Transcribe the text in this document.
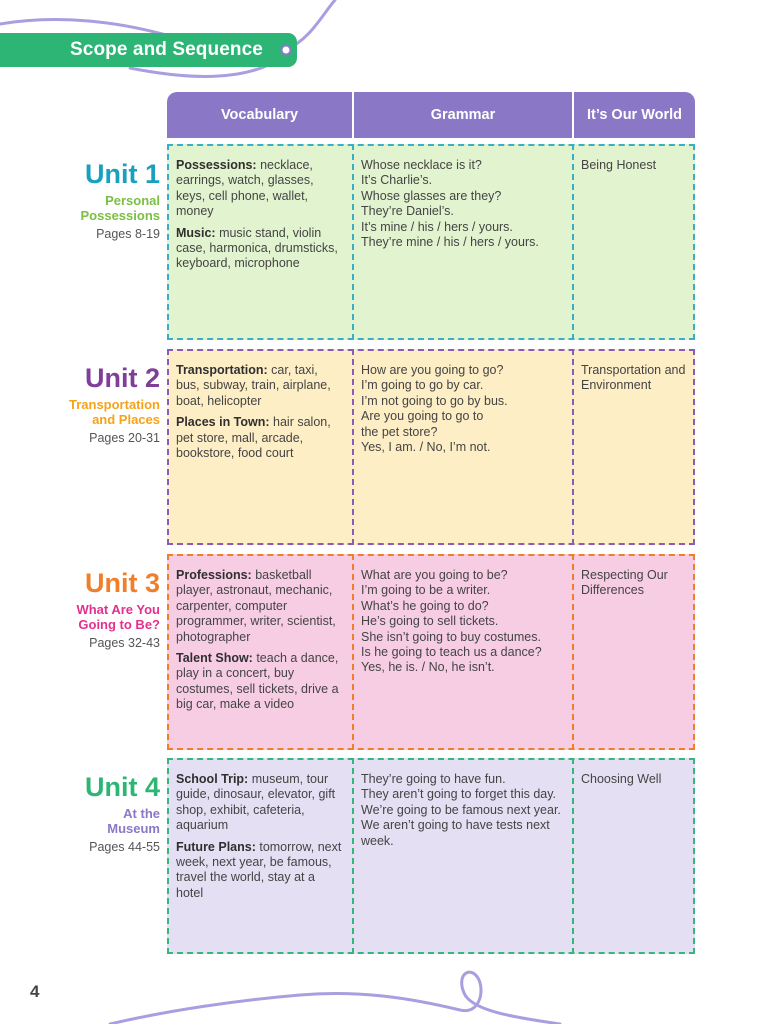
Scope and Sequence
Vocabulary	Grammar	It’s Our World
Unit 1
Personal
Possessions
Pages 8-19

Possessions: necklace, earrings, watch, glasses, keys, cell phone, wallet, money

Music: music stand, violin case, harmonica, drumsticks, keyboard, microphone

Whose necklace is it?
It’s Charlie’s.
Whose glasses are they?
They’re Daniel’s.
It’s mine / his / hers / yours.
They’re mine / his / hers / yours.
Being Honest
Unit 2
Transportation
and Places
Pages 20-31

Transportation: car, taxi, bus, subway, train, airplane, boat, helicopter

Places in Town: hair salon, pet store, mall, arcade, bookstore, food court

How are you going to go?
I’m going to go by car.
I’m not going to go by bus.
Are you going to go to
the pet store?
Yes, I am. / No, I’m not.
Transportation and Environment
Unit 3
What Are You
Going to Be?
Pages 32-43

Professions: basketball player, astronaut, mechanic, carpenter, computer programmer, writer, scientist, photographer

Talent Show: teach a dance, play in a concert, buy costumes, sell tickets, drive a big car, make a video

What are you going to be?
I’m going to be a writer.
What’s he going to do?
He’s going to sell tickets.
She isn’t going to buy costumes.
Is he going to teach us a dance?
Yes, he is. / No, he isn’t.
Respecting Our Differences
Unit 4
At the
Museum
Pages 44-55

School Trip: museum, tour guide, dinosaur, elevator, gift shop, exhibit, cafeteria, aquarium

Future Plans: tomorrow, next week, next year, be famous, travel the world, stay at a hotel

They’re going to have fun.
They aren’t going to forget this day.
We’re going to be famous next year.
We aren’t going to have tests next week.
Choosing Well
4
